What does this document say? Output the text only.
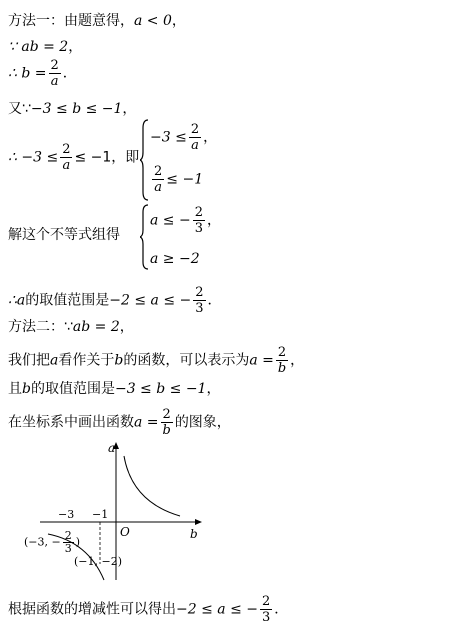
方法一：由题意得，a < 0，
∵ ab = 2，
∴ $b = \frac{2}{a}$ ．
又∵−3 ≤ b ≤ −1，
∴ $-3 \le \frac{2}{a} \le -1$，即
$-3 \le \frac{2}{a}$ ，
$\frac{2}{a} \le -1$
解这个不等式组得
a ≤ − $\frac{2}{3}$ ，
a ≥ −2
∴a的取值范围是−2 ≤ a ≤ − $\frac{2}{3}$ ．
方法二：∵ab = 2，
我们把a看作关于b的函数，可以表示为$a = \frac{2}{b}$ ，
且b的取值范围是−3 ≤ b ≤ −1，
在坐标系中画出函数$a = \frac{2}{b}$ 的图象，
a
b
O
−3 −1
(−3, − $\frac{2}{3}$ )
(−1, −2)
根据函数的增减性可以得出−2 ≤ a ≤ − $\frac{2}{3}$ ．
